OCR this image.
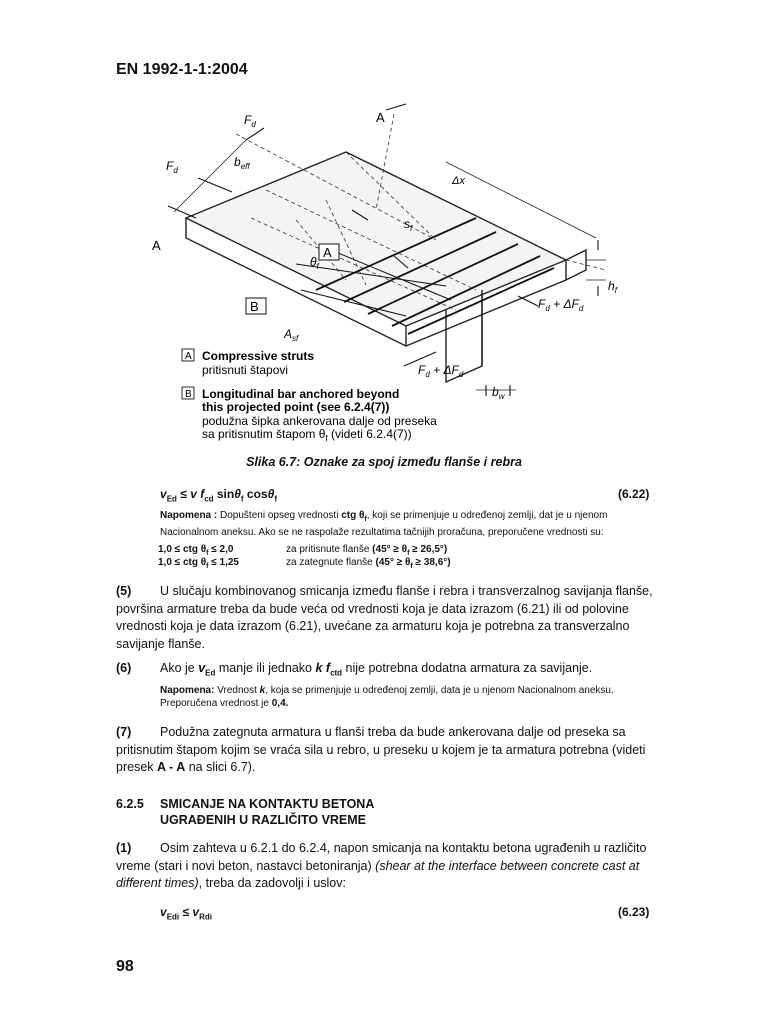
EN 1992-1-1:2004
$F_d$
$F_d$
$b_{eff}$
A
A
Δx
$s_f$
$\theta_f$
A
B
$h_f$
$F_d + \Delta F_d$
$A_{sf}$
$F_d + \Delta F_d$
$b_w$
A Compressive struts
pritisnuti štapovi
B Longitudinal bar anchored beyond
this projected point (see 6.2.4(7))
podužna šipka ankerovana dalje od preseka
sa pritisnutim štapom $\theta_f$ (videti 6.2.4(7))
Slika 6.7: Oznake za spoj između flanše i rebra
$v_{Ed} \le v$ $f_{cd}$ sinθ$_f$ cosθ$_f$	(6.22)
Napomena : Dopušteni opseg vrednosti ctg $\theta_f$, koji se primenjuje u određenoj zemlji, dat je u njenom
Nacionalnom aneksu. Ako se ne raspolaže rezultatima tačnijih proračuna, preporučene vrednosti su:
1,0 ≤ ctg $\theta_f \le 2,0$	za pritisnute flanše $(45^\circ \ge \theta_f \ge 26,5^\circ)$
1,0 ≤ ctg $\theta_f \le 1,25$	za zategnute flanše $(45^\circ \ge \theta_f \ge 38,6^\circ)$
(5) U slučaju kombinovanog smicanja između flanše i rebra i transverzalnog savijanja flanše, površina armature treba da bude veća od vrednosti koja je data izrazom (6.21) ili od polovine vrednosti koja je data izrazom (6.21), uvećane za armaturu koja je potrebna za transverzalno savijanje flanše.
(6) Ako je $v_{Ed}$ manje ili jednako k $f_{ctd}$ nije potrebna dodatna armatura za savijanje.
Napomena: Vrednost k, koja se primenjuje u određenoj zemlji, data je u njenom Nacionalnom aneksu.
Preporučena vrednost je 0,4.
(7) Podužna zategnuta armatura u flanši treba da bude ankerovana dalje od preseka sa pritisnutim štapom kojim se vraća sila u rebro, u preseku u kojem je ta armatura potrebna (videti presek A - A na slici 6.7).
6.2.5 SMICANJE NA KONTAKTU BETONA
UGRAĐENIH U RAZLIČITO VREME
(1) Osim zahteva u 6.2.1 do 6.2.4, napon smicanja na kontaktu betona ugrađenih u različito vreme (stari i novi beton, nastavci betoniranja) (shear at the interface between concrete cast at different times), treba da zadovolji i uslov:
$v_{Edi} \le v_{Rdi}$	(6.23)
98
